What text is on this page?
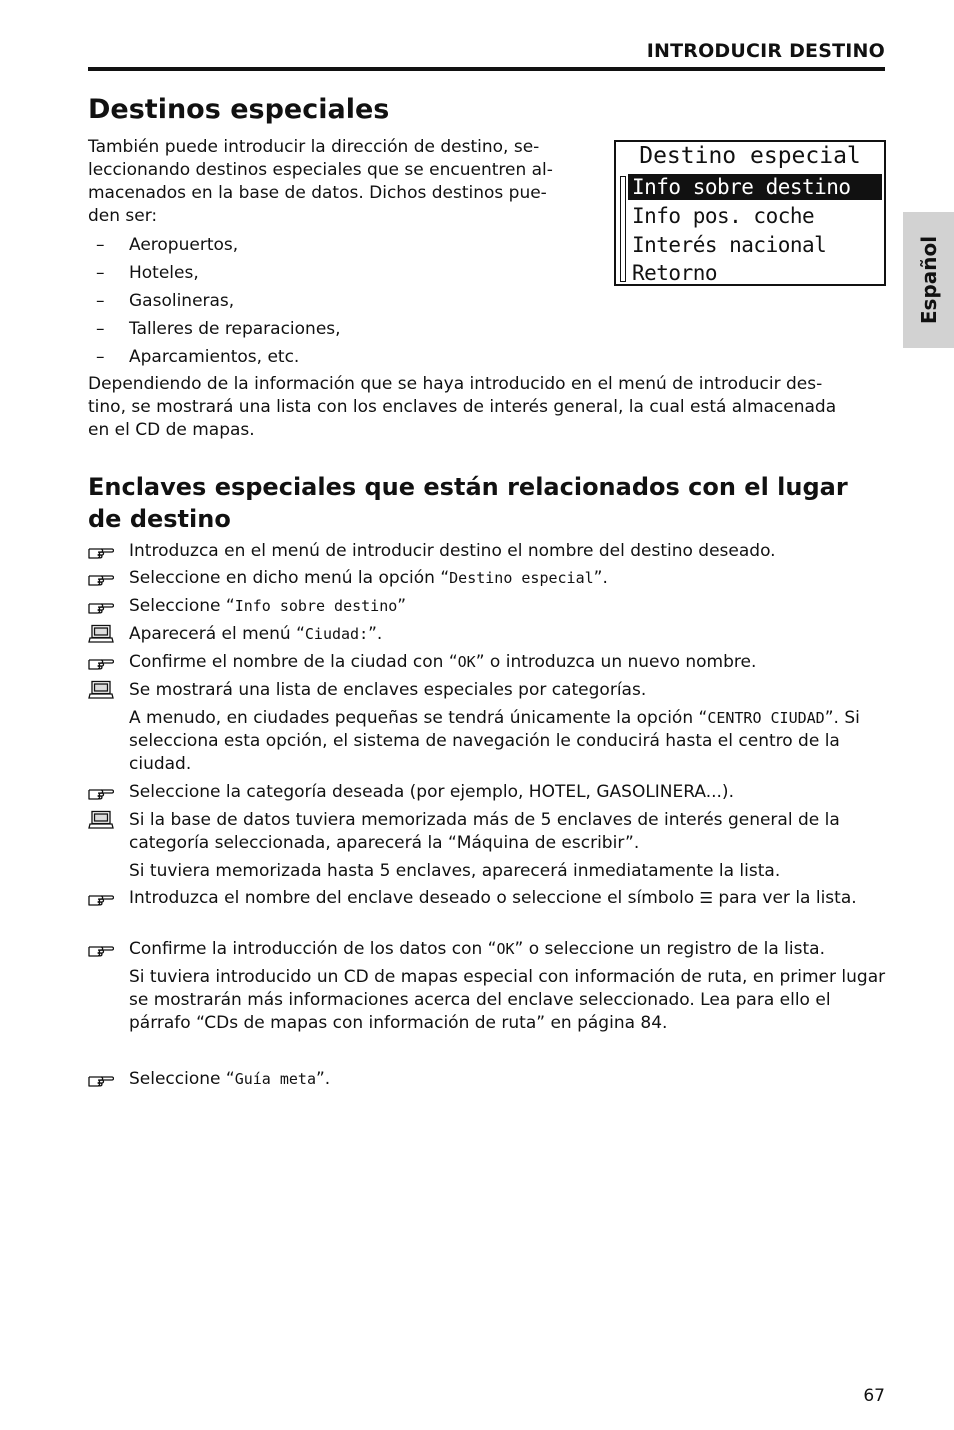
INTRODUCIR DESTINO
Destinos especiales

También puede introducir la dirección de destino, se-
leccionando destinos especiales que se encuentren al-
macenados en la base de datos. Dichos destinos pue-
den ser:

– Aeropuertos,
– Hoteles,
– Gasolineras,
– Talleres de reparaciones,
– Aparcamientos, etc.

Dependiendo de la información que se haya introducido en el menú de introducir des-
tino, se mostrará una lista con los enclaves de interés general, la cual está almacenada
en el CD de mapas.

Destino especial
Info sobre destino
Info pos. coche
Interés nacional
Retorno	Español
Enclaves especiales que están relacionados con el lugar de destino
Introduzca en el menú de introducir destino el nombre del destino deseado.
Seleccione en dicho menú la opción “Destino especial”.
Seleccione “Info sobre destino”
Aparecerá el menú “Ciudad:”.
Confirme el nombre de la ciudad con “OK” o introduzca un nuevo nombre.
Se mostrará una lista de enclaves especiales por categorías.
A menudo, en ciudades pequeñas se tendrá únicamente la opción “CENTRO CIUDAD”. Si selecciona esta opción, el sistema de navegación le conducirá hasta el centro de la ciudad.
Seleccione la categoría deseada (por ejemplo, HOTEL, GASOLINERA...).
Si la base de datos tuviera memorizada más de 5 enclaves de interés general de la categoría seleccionada, aparecerá la “Máquina de escribir”.
Si tuviera memorizada hasta 5 enclaves, aparecerá inmediatamente la lista.
Introduzca el nombre del enclave deseado o seleccione el símbolo ☰ para ver la lista.
Confirme la introducción de los datos con “OK” o seleccione un registro de la lista.
Si tuviera introducido un CD de mapas especial con información de ruta, en primer lugar se mostrarán más informaciones acerca del enclave seleccionado. Lea para ello el párrafo “CDs de mapas con información de ruta” en página 84.
Seleccione “Guía meta”.
67
